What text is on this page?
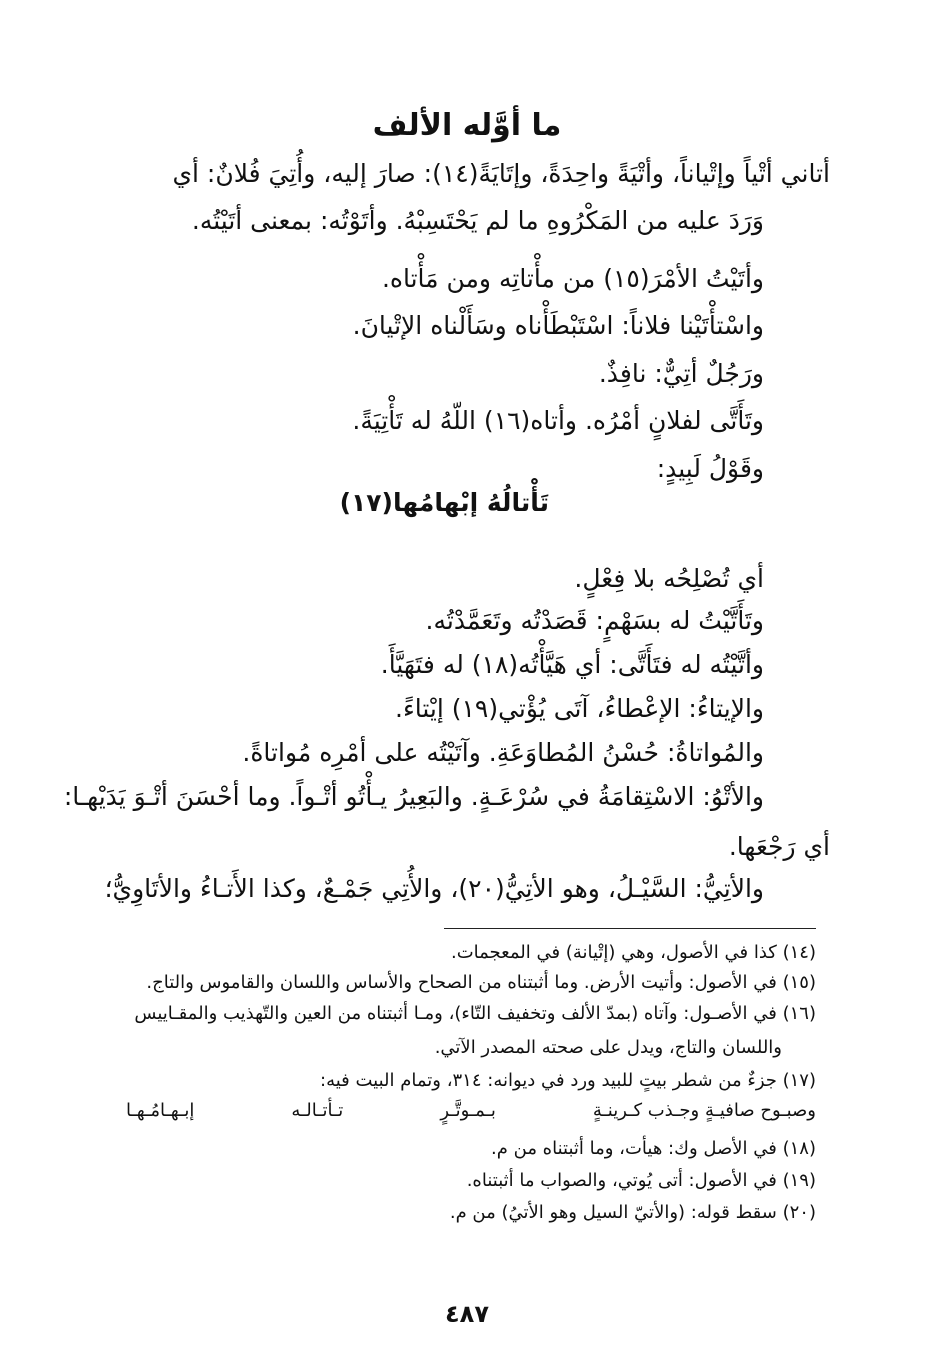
ما أوَّله الألف
أتاني أتْياً وإتْياناً، وأتْيَةً واحِدَةً، وإتَايَةً(١٤): صارَ إليه، وأُتِيَ فُلانٌ: أي
وَرَدَ عليه من المَكْرُوهِ ما لم يَحْتَسِبْهُ. وأتَوْتُه: بمعنى أتَيْتُه.
وأتَيْتُ الأمْرَ(١٥) من مأْتاتِه ومن مَأْتاه.
واسْتأْتَيْنا فلاناً: اسْتَبْطَأْناه وسَأَلْناه الإتْيانَ.
ورَجُلٌ أتِيٌّ: نافِذٌ.
وتَأَتَّى لفلانٍ أمْرُه. وأتاه(١٦) اللّهُ له تَأْتِيَةً.
وقَوْلُ لَبِيدٍ:
تَأْتالُهُ إبْهامُها(١٧)
أي تُصْلِحُه بلا فِعْلٍ.
وتَأَتَّيْتُ له بسَهْمٍ: قَصَدْتُه وتَعَمَّدْتُه.
وأتَّيْتُه له فتَأَتَّى: أي هَيَّأْتُه(١٨) له فتَهَيَّأَ.
والإيتاءُ: الإعْطاءُ، آتَى يُؤْتي(١٩) إيْتاءً.
والمُواتاةُ: حُسْنُ المُطاوَعَةِ. وآتَيْتُه على أمْرِه مُواتاةً.
والأتْوُ: الاسْتِقامَةُ في سُرْعَـةٍ. والبَعِيرُ يـأْتُو أتْـواً. وما أحْسَنَ أتْـوَ يَدَيْهـا:
أي رَجْعَها.
والأتِيُّ: السَّيْـلُ، وهو الأتِيُّ(٢٠)، والأُتِي جَمْـعٌ، وكذا الأَتـاءُ والأتَاوِيُّ؛
(١٤) كذا في الأصول، وهي (إتْيانة) في المعجمات.
(١٥) في الأصول: وأتيت الأرض. وما أثبتناه من الصحاح والأساس واللسان والقاموس والتاج.
(١٦) في الأصـول: وآتاه (بمدّ الألف وتخفيف التّاء)، ومـا أثبتناه من العين والتّهذيب والمقـاييس
واللسان والتاج، ويدل على صحته المصدر الآتي.
(١٧) جزءٌ من شطر بيتٍ للبيد ورد في ديوانه: ٣١٤، وتمام البيت فيه:
وصبـوح صافيـةٍ وجـذب كـرينـةٍ
بـمـوتَّـرٍ
تـأتـالـه
إبـهـامُـهـا
(١٨) في الأصل وك: هيأت، وما أثبتناه من م.
(١٩) في الأصول: أتى يُوتي، والصواب ما أثبتناه.
(٢٠) سقط قوله: (والأتيّ السيل وهو الأتيُ) من م.
٤٨٧
